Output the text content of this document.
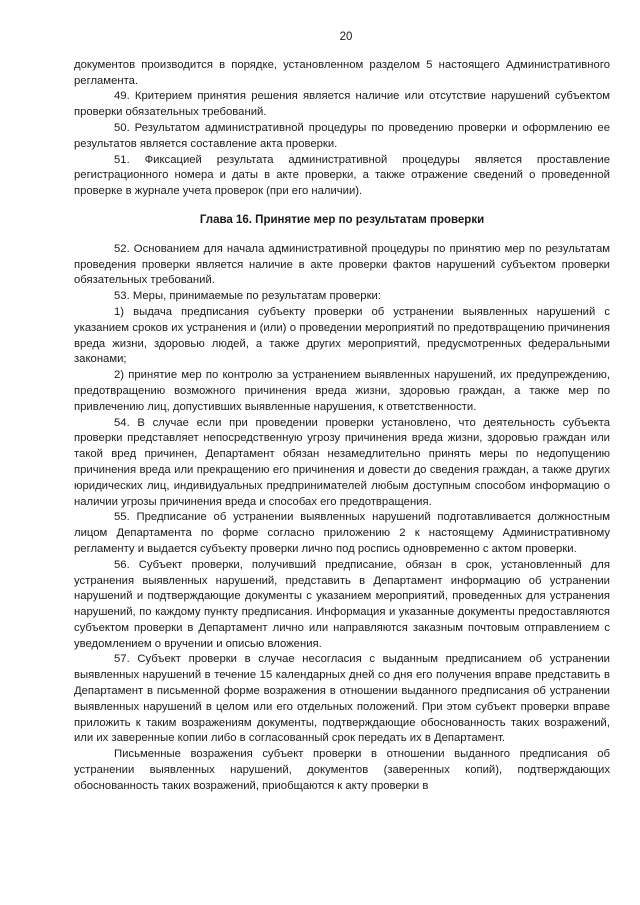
20

документов производится в порядке, установленном разделом 5 настоящего Административного регламента.

49. Критерием принятия решения является наличие или отсутствие нарушений субъектом проверки обязательных требований.

50. Результатом административной процедуры по проведению проверки и оформлению ее результатов является составление акта проверки.

51. Фиксацией результата административной процедуры является проставление регистрационного номера и даты в акте проверки, а также отражение сведений о проведенной проверке в журнале учета проверок (при его наличии).

Глава 16. Принятие мер по результатам проверки

52. Основанием для начала административной процедуры по принятию мер по результатам проведения проверки является наличие в акте проверки фактов нарушений субъектом проверки обязательных требований.

53. Меры, принимаемые по результатам проверки:

1) выдача предписания субъекту проверки об устранении выявленных нарушений с указанием сроков их устранения и (или) о проведении мероприятий по предотвращению причинения вреда жизни, здоровью людей, а также других мероприятий, предусмотренных федеральными законами;

2) принятие мер по контролю за устранением выявленных нарушений, их предупреждению, предотвращению возможного причинения вреда жизни, здоровью граждан, а также мер по привлечению лиц, допустивших выявленные нарушения, к ответственности.

54. В случае если при проведении проверки установлено, что деятельность субъекта проверки представляет непосредственную угрозу причинения вреда жизни, здоровью граждан или такой вред причинен, Департамент обязан незамедлительно принять меры по недопущению причинения вреда или прекращению его причинения и довести до сведения граждан, а также других юридических лиц, индивидуальных предпринимателей любым доступным способом информацию о наличии угрозы причинения вреда и способах его предотвращения.

55. Предписание об устранении выявленных нарушений подготавливается должностным лицом Департамента по форме согласно приложению 2 к настоящему Административному регламенту и выдается субъекту проверки лично под роспись одновременно с актом проверки.

56. Субъект проверки, получивший предписание, обязан в срок, установленный для устранения выявленных нарушений, представить в Департамент информацию об устранении нарушений и подтверждающие документы с указанием мероприятий, проведенных для устранения нарушений, по каждому пункту предписания. Информация и указанные документы предоставляются субъектом проверки в Департамент лично или направляются заказным почтовым отправлением с уведомлением о вручении и описью вложения.

57. Субъект проверки в случае несогласия с выданным предписанием об устранении выявленных нарушений в течение 15 календарных дней со дня его получения вправе представить в Департамент в письменной форме возражения в отношении выданного предписания об устранении выявленных нарушений в целом или его отдельных положений. При этом субъект проверки вправе приложить к таким возражениям документы, подтверждающие обоснованность таких возражений, или их заверенные копии либо в согласованный срок передать их в Департамент.

Письменные возражения субъект проверки в отношении выданного предписания об устранении выявленных нарушений, документов (заверенных копий), подтверждающих обоснованность таких возражений, приобщаются к акту проверки в
